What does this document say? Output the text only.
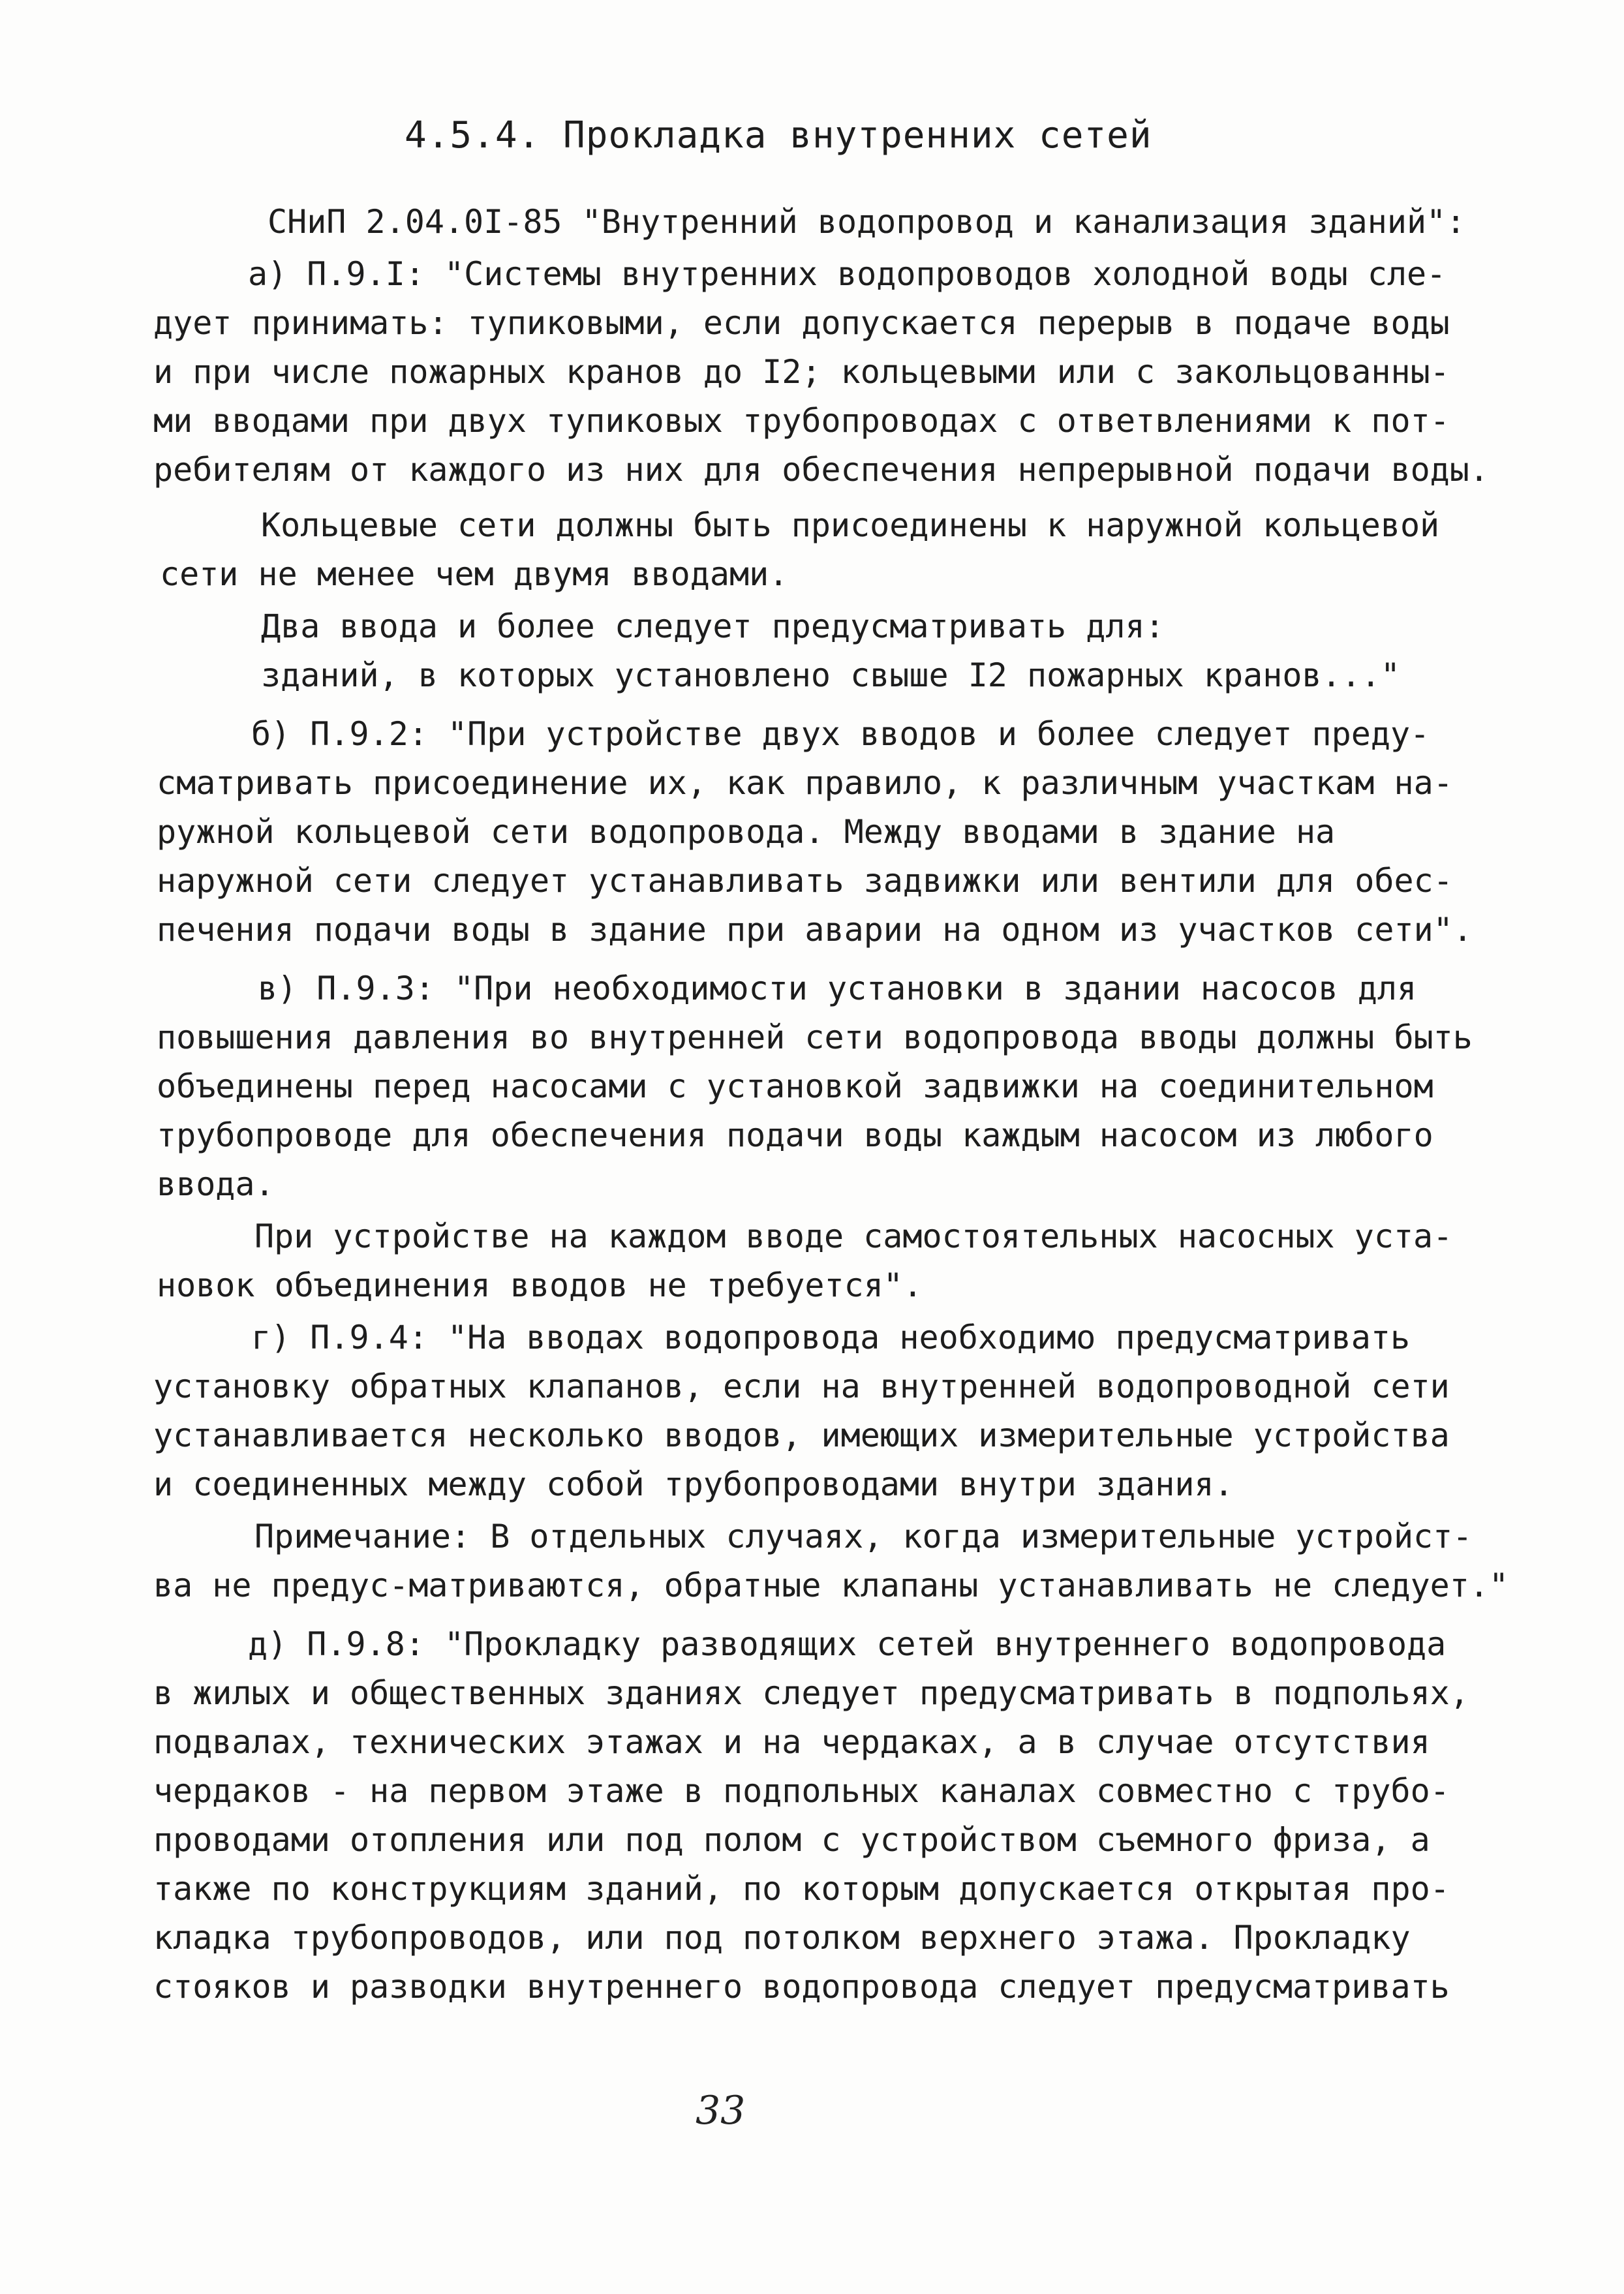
4.5.4. Прокладка внутренних сетей
СНиП 2.04.0I-85 "Внутренний водопровод и канализация зданий":
а) П.9.I: "Системы внутренних водопроводов холодной воды сле-
дует принимать: тупиковыми, если допускается перерыв в подаче воды
и при числе пожарных кранов до I2; кольцевыми или с закольцованны-
ми вводами при двух тупиковых трубопроводах с ответвлениями к пот-
ребителям от каждого из них для обеспечения непрерывной подачи воды.
Кольцевые сети должны быть присоединены к наружной кольцевой
сети не менее чем двумя вводами.
Два ввода и более следует предусматривать для:
зданий, в которых установлено свыше I2 пожарных кранов..."
б) П.9.2: "При устройстве двух вводов и более следует преду-
сматривать присоединение их, как правило, к различным участкам на-
ружной кольцевой сети водопровода. Между вводами в здание на
наружной сети следует устанавливать задвижки или вентили для обес-
печения подачи воды в здание при аварии на одном из участков сети".
в) П.9.3: "При необходимости установки в здании насосов для
повышения давления во внутренней сети водопровода вводы должны быть
объединены перед насосами с установкой задвижки на соединительном
трубопроводе для обеспечения подачи воды каждым насосом из любого
ввода.
При устройстве на каждом вводе самостоятельных насосных уста-
новок объединения вводов не требуется".
г) П.9.4: "На вводах водопровода необходимо предусматривать
установку обратных клапанов, если на внутренней водопроводной сети
устанавливается несколько вводов, имеющих измерительные устройства
и соединенных между собой трубопроводами внутри здания.
Примечание: В отдельных случаях, когда измерительные устройст-
ва не предус-матриваются, обратные клапаны устанавливать не следует."
д) П.9.8: "Прокладку разводящих сетей внутреннего водопровода
в жилых и общественных зданиях следует предусматривать в подпольях,
подвалах, технических этажах и на чердаках, а в случае отсутствия
чердаков - на первом этаже в подпольных каналах совместно с трубо-
проводами отопления или под полом с устройством съемного фриза, а
также по конструкциям зданий, по которым допускается открытая про-
кладка трубопроводов, или под потолком верхнего этажа. Прокладку
стояков и разводки внутреннего водопровода следует предусматривать
33
